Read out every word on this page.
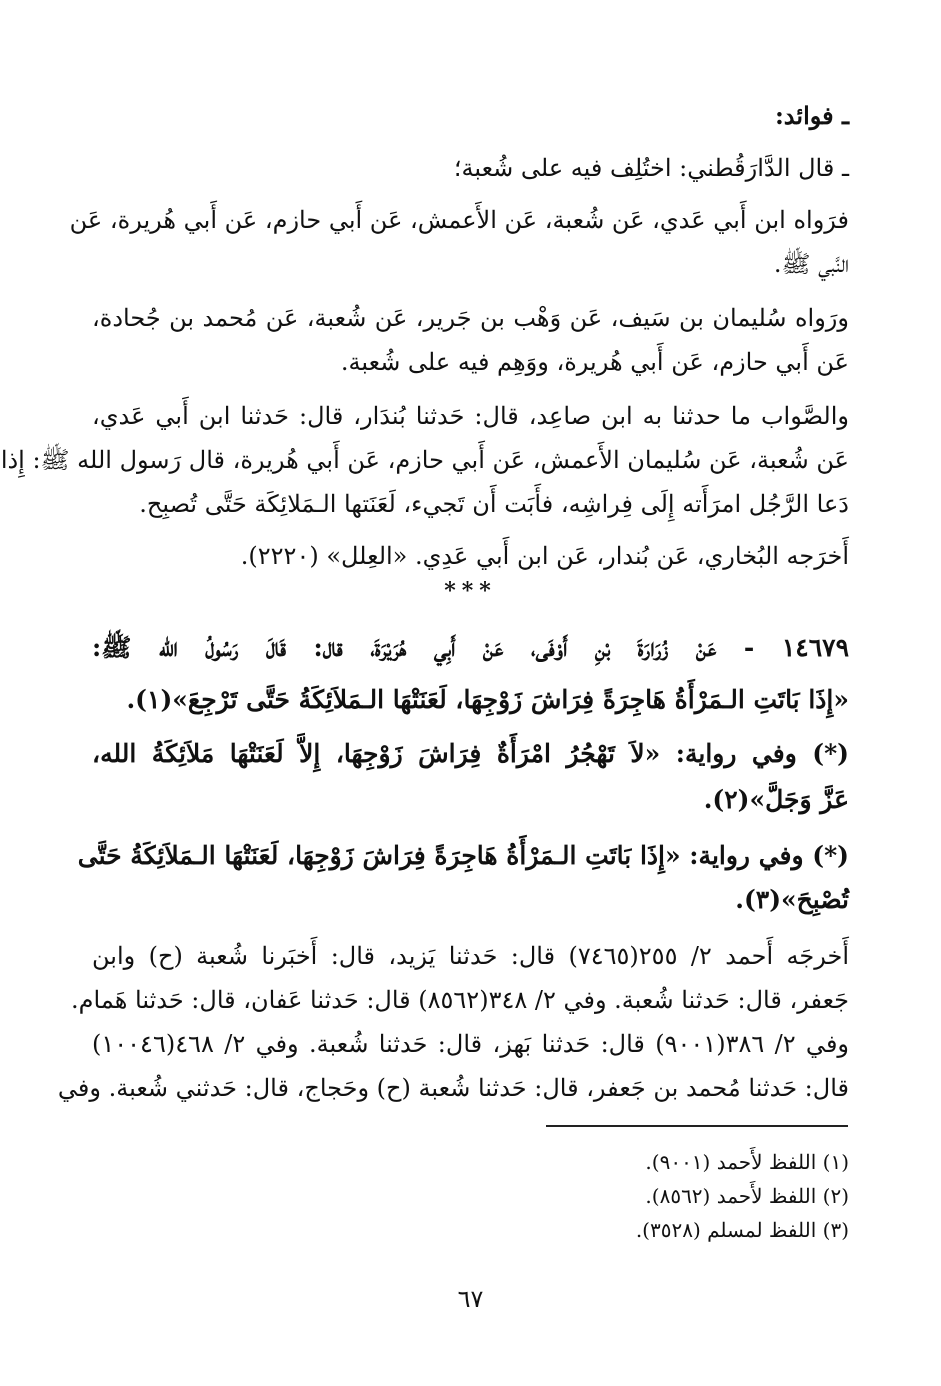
ـ فوائد:
ـ قال الدَّارَقُطني: اختُلِف فيه على شُعبة؛
فرَواه ابن أَبي عَدي، عَن شُعبة، عَن الأَعمش، عَن أَبي حازم، عَن أَبي هُريرة، عَن
النَّبي ﷺ.
ورَواه سُليمان بن سَيف، عَن وَهْب بن جَرير، عَن شُعبة، عَن مُحمد بن جُحادة،
عَن أَبي حازم، عَن أَبي هُريرة، ووَهِم فيه على شُعبة.
والصَّواب ما حدثنا به ابن صاعِد، قال: حَدثنا بُندَار، قال: حَدثنا ابن أَبي عَدي،
عَن شُعبة، عَن سُليمان الأَعمش، عَن أَبي حازم، عَن أَبي هُريرة، قال رَسول الله ﷺ: إِذا
دَعا الرَّجُل امرَأَته إِلَى فِراشِه، فأَبَت أَن تَجيء، لَعَنَتها الـمَلائِكَة حَتَّى تُصبِح.
أَخرَجه البُخاري، عَن بُندار، عَن ابن أَبي عَدِي. «العِلل» (٢٢٢٠).
***
١٤٦٧٩ - عَنْ زُرَارَةَ بْنِ أَوْفَى، عَنْ أَبِي هُرَيْرَةَ، قال: قَالَ رَسُولُ الله ﷺ:
«إِذَا بَاتَتِ الـمَرْأَةُ هَاجِرَةً فِرَاشَ زَوْجِهَا، لَعَنَتْهَا الـمَلاَئِكَةُ حَتَّى تَرْجِعَ»(١).
(*) وفي رواية: «لاَ تَهْجُرُ امْرَأَةٌ فِرَاشَ زَوْجِهَا، إِلاَّ لَعَنَتْهَا مَلاَئِكَةُ الله،
عَزَّ وَجَلَّ»(٢).
(*) وفي رواية: «إِذَا بَاتَتِ الـمَرْأَةُ هَاجِرَةً فِرَاشَ زَوْجِهَا، لَعَنَتْهَا الـمَلاَئِكَةُ حَتَّى
تُصْبِحَ»(٣).
أَخرجَه أَحمد ٢/ ٢٥٥(٧٤٦٥) قال: حَدثنا يَزيد، قال: أَخبَرنا شُعبة (ح) وابن
جَعفر، قال: حَدثنا شُعبة. وفي ٢/ ٣٤٨(٨٥٦٢) قال: حَدثنا عَفان، قال: حَدثنا هَمام.
وفي ٢/ ٣٨٦(٩٠٠١) قال: حَدثنا بَهز، قال: حَدثنا شُعبة. وفي ٢/ ٤٦٨(١٠٠٤٦)
قال: حَدثنا مُحمد بن جَعفر، قال: حَدثنا شُعبة (ح) وحَجاج، قال: حَدثني شُعبة. وفي
(١) اللفظ لأَحمد (٩٠٠١).
(٢) اللفظ لأَحمد (٨٥٦٢).
(٣) اللفظ لمسلم (٣٥٢٨).
٦٧
